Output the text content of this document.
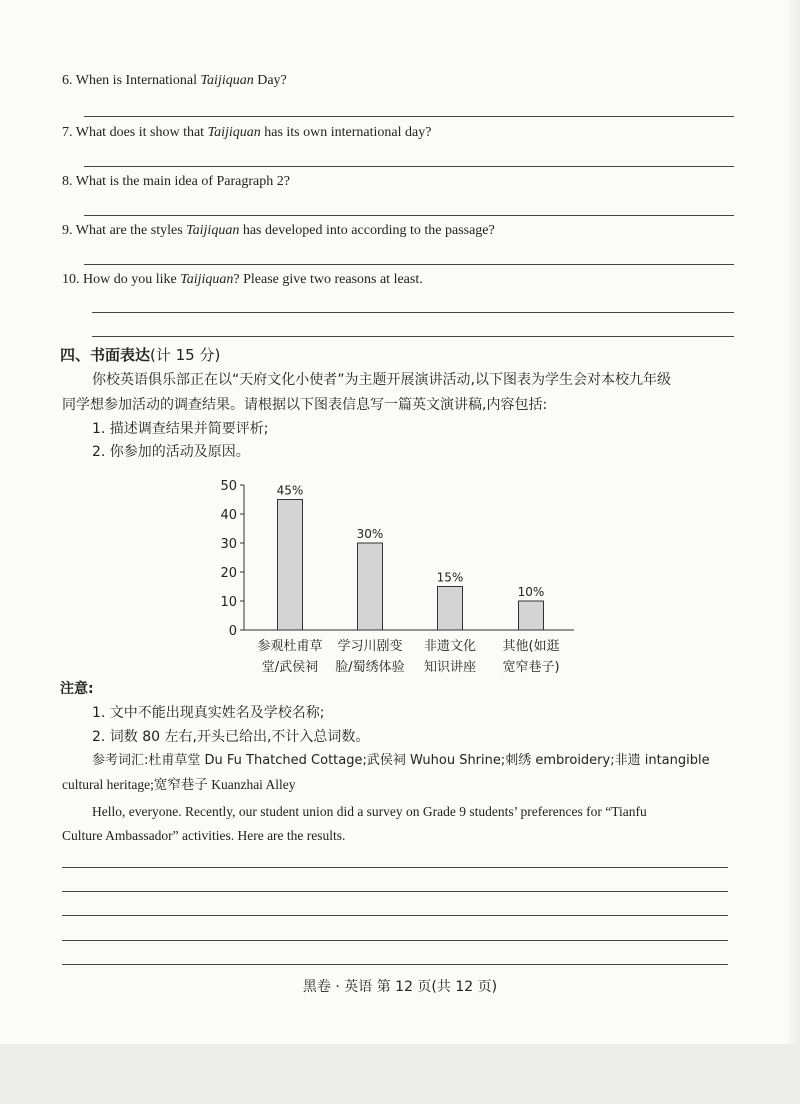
6. When is International Taijiquan Day?
7. What does it show that Taijiquan has its own international day?
8. What is the main idea of Paragraph 2?
9. What are the styles Taijiquan has developed into according to the passage?
10. How do you like Taijiquan? Please give two reasons at least.
四、书面表达(计 15 分)
你校英语俱乐部正在以“天府文化小使者”为主题开展演讲活动,以下图表为学生会对本校九年级
同学想参加活动的调查结果。请根据以下图表信息写一篇英文演讲稿,内容包括:
1. 描述调查结果并简要评析;
2. 你参加的活动及原因。
0
10
20
30
40
50	45%
参观杜甫草
堂/武侯祠
30%
学习川剧变
脸/蜀绣体验
15%
非遗文化
知识讲座
10%
其他(如逛
宽窄巷子)
注意:
1. 文中不能出现真实姓名及学校名称;
2. 词数 80 左右,开头已给出,不计入总词数。
参考词汇:杜甫草堂 Du Fu Thatched Cottage;武侯祠 Wuhou Shrine;刺绣 embroidery;非遗 intangible
cultural heritage;宽窄巷子 Kuanzhai Alley
Hello, everyone. Recently, our student union did a survey on Grade 9 students’ preferences for “Tianfu
Culture Ambassador” activities. Here are the results.
黑卷 · 英语 第 12 页(共 12 页)
